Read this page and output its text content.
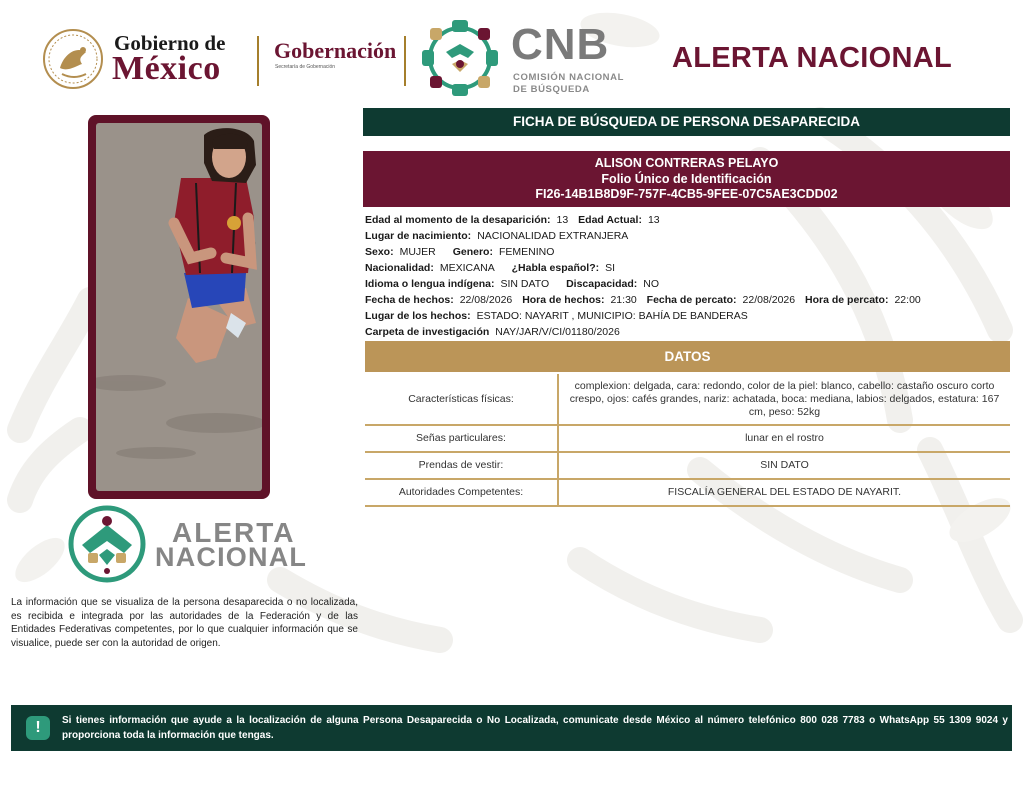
Gobierno de
México Gobernación
Secretaría de Gobernación	CNB
COMISIÓN NACIONAL
DE BÚSQUEDA
ALERTA NACIONAL
FICHA DE BÚSQUEDA DE PERSONA DESAPARECIDA
ALISON CONTRERAS PELAYO
Folio Único de Identificación
FI26-14B1B8D9F-757F-4CB5-9FEE-07C5AE3CDD02
Edad al momento de la desaparición: 13 Edad Actual: 13
Lugar de nacimiento: NACIONALIDAD EXTRANJERA
Sexo: MUJER Genero: FEMENINO
Nacionalidad: MEXICANA ¿Habla español?: SI
Idioma o lengua indígena: SIN DATO Discapacidad: NO
Fecha de hechos: 22/08/2026 Hora de hechos: 21:30 Fecha de percato: 22/08/2026 Hora de percato: 22:00
Lugar de los hechos: ESTADO: NAYARIT , MUNICIPIO: BAHÍA DE BANDERAS
Carpeta de investigación NAY/JAR/V/CI/01180/2026
DATOS
Características físicas:	complexion: delgada, cara: redondo, color de la piel: blanco, cabello: castaño oscuro corto crespo, ojos: cafés grandes, nariz: achatada, boca: mediana, labios: delgados, estatura: 167 cm, peso: 52kg
Señas particulares:	lunar en el rostro
Prendas de vestir:	SIN DATO
Autoridades Competentes:	FISCALÍA GENERAL DEL ESTADO DE NAYARIT.
ALERTA
NACIONAL
La información que se visualiza de la persona desaparecida o no localizada, es recibida e integrada por las autoridades de la Federación y de las Entidades Federativas competentes, por lo que cualquier información que se visualice, puede ser con la autoridad de origen.
!	Si tienes información que ayude a la localización de alguna Persona Desaparecida o No Localizada, comunicate desde México al número telefónico 800 028 7783 o WhatsApp 55 1309 9024 y proporciona toda la información que tengas.
